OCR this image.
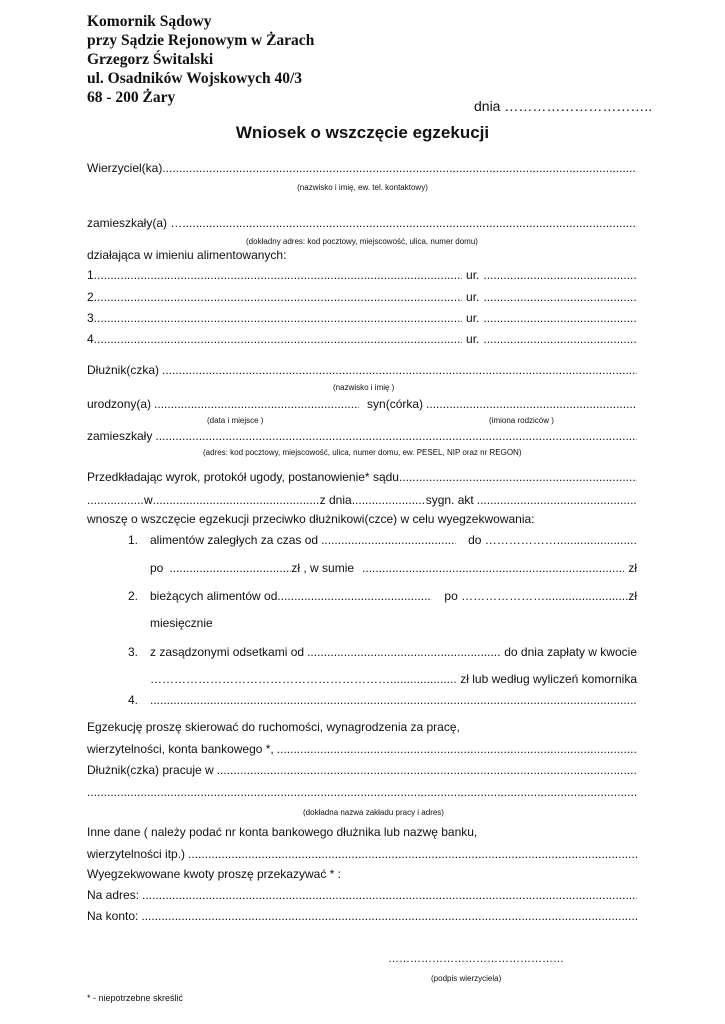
Komornik Sądowy
przy Sądzie Rejonowym w Żarach
Grzegorz Świtalski
ul. Osadników Wojskowych 40/3
68 - 200 Żary	dnia …………………………..
Wniosek o wszczęcie egzekucji
Wierzyciel(ka)
.....
(nazwisko i imię, ew. tel. kontaktowy)
zamieszkały(a) …
.....
(dokładny adres: kod pocztowy, miejscowość, ulica, numer domu)
działająca w imieniu alimentowanych:
1. .....	ur.
.....
2. .....	ur.
.....
3. .....	ur.
.....
4. .....	ur.
.....
Dłużnik(czka)
.....
(nazwisko i imię )
urodzony(a) .....	syn(córka)
.....
(data i miejsce )	(imiona rodziców )
zamieszkały
.....
(adres: kod pocztowy, miejscowość, ulica, numer domu, ew. PESEL, NIP oraz nr REGON)
Przedkładając wyrok, protokół ugody, postanowienie* sądu
.....
.....
w .....	z dnia .....	sygn. akt
.....
wnoszę o wszczęcie egzekucji przeciwko dłużnikowi(czce) w celu wyegzekwowania:
1. alimentów zaległych za czas od .....	do ………………
.....
po .....	zł , w sumie .....	zł
2. bieżących alimentów od .....	po ………………… .....	zł
miesięcznie
3. z zasądzonymi odsetkami od .....	do dnia zapłaty w kwocie
…………………………………………………… .....	zł lub według wyliczeń komornika
4.
.....
Egzekucję proszę skierować do ruchomości, wynagrodzenia za pracę,
wierzytelności, konta bankowego *,
.....
Dłużnik(czka) pracuje w
.....
.....
(dokładna nazwa zakładu pracy i adres)
Inne dane ( należy podać nr konta bankowego dłużnika lub nazwę banku,
wierzytelności itp.)
.....
Wyegzekwowane kwoty proszę przekazywać * :
Na adres:
.....
Na konto:
.....
…………………………………………
(podpis wierzyciela)
* - niepotrzebne skreślić
